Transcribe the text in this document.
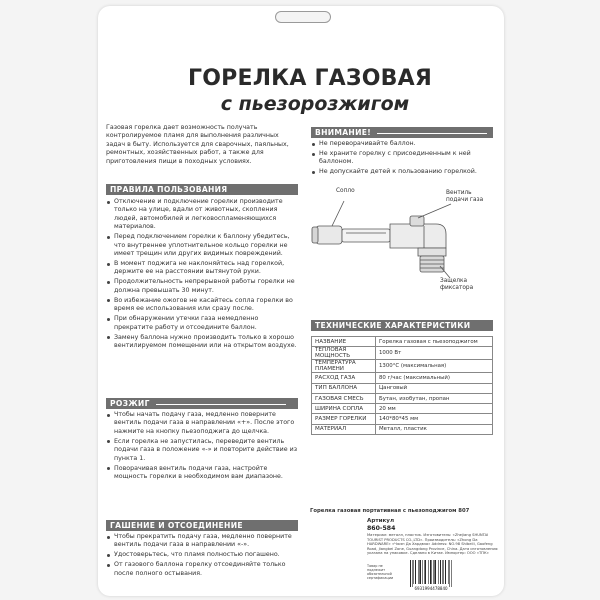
ГОРЕЛКА ГАЗОВАЯ
с пьезорозжигом
Газовая горелка дает возможность получать контролируемое пламя для выполнения различных задач в быту. Используется для сварочных, паяльных, ремонтных, хозяйственных работ, а также для приготовления пищи в походных условиях.
ПРАВИЛА ПОЛЬЗОВАНИЯ
Отключение и подключение горелки производите только на улице, вдали от животных, скопления людей, автомобилей и легковоспламеняющихся материалов.
Перед подключением горелки к баллону убедитесь, что внутреннее уплотнительное кольцо горелки не имеет трещин или других видимых повреждений.
В момент поджига не наклоняйтесь над горелкой, держите ее на расстоянии вытянутой руки.
Продолжительность непрерывной работы горелки не должна превышать 30 минут.
Во избежание ожогов не касайтесь сопла горелки во время ее использования или сразу после.
При обнаружении утечки газа немедленно прекратите работу и отсоедините баллон.
Замену баллона нужно производить только в хорошо вентилируемом помещении или на открытом воздухе.
РОЗЖИГ
Чтобы начать подачу газа, медленно поверните вентиль подачи газа в направлении «+». После этого нажмите на кнопку пьезоподжига до щелчка.
Если горелка не запустилась, переведите вентиль подачи газа в положение «-» и повторите действие из пункта 1.
Поворачивая вентиль подачи газа, настройте мощность горелки в необходимом вам диапазоне.
ГАШЕНИЕ И ОТСОЕДИНЕНИЕ
Чтобы прекратить подачу газа, медленно поверните вентиль подачи газа в направлении «-».
Удостоверьтесь, что пламя полностью погашено.
От газового баллона горелку отсоединяйте только после полного остывания.
ВНИМАНИЕ!
Не переворачивайте баллон.
Не храните горелку с присоединенным к ней баллоном.
Не допускайте детей к пользованию горелкой.
Сопло	Вентиль подачи газа
Защелка фиксатора
ТЕХНИЧЕСКИЕ ХАРАКТЕРИСТИКИ
НАЗВАНИЕ	Горелка газовая с пьезоподжигом
ТЕПЛОВАЯ МОЩНОСТЬ	1000 Вт
ТЕМПЕРАТУРА ПЛАМЕНИ	1300°С (максимальная)
РАСХОД ГАЗА	80 г/час (максимальный)
ТИП БАЛЛОНА	Цанговый
ГАЗОВАЯ СМЕСЬ	Бутан, изобутан, пропан
ШИРИНА СОПЛА	20 мм
РАЗМЕР ГОРЕЛКИ	140*80*45 мм
МАТЕРИАЛ	Металл, пластик
Горелка газовая портативная с пьезоподжигом 807
Артикул
860-584
Материал: металл, пластик. Изготовитель: «Zhejiang SHUNTAI TOURIST PRODUCTS CO.,LTD». Производитель: «Zhong Da HARDWARE» «Чжэн Да Хардвэа» Address: NO.98 Shibeili, Gaofeng Road, Jiangbei Zone, Guangdong Province, China. Дата изготовления: указана на упаковке. Сделано в Китае. Импортер: ООО «ТПК»
Товар не подлежит обязательной сертификации
6931994478840
